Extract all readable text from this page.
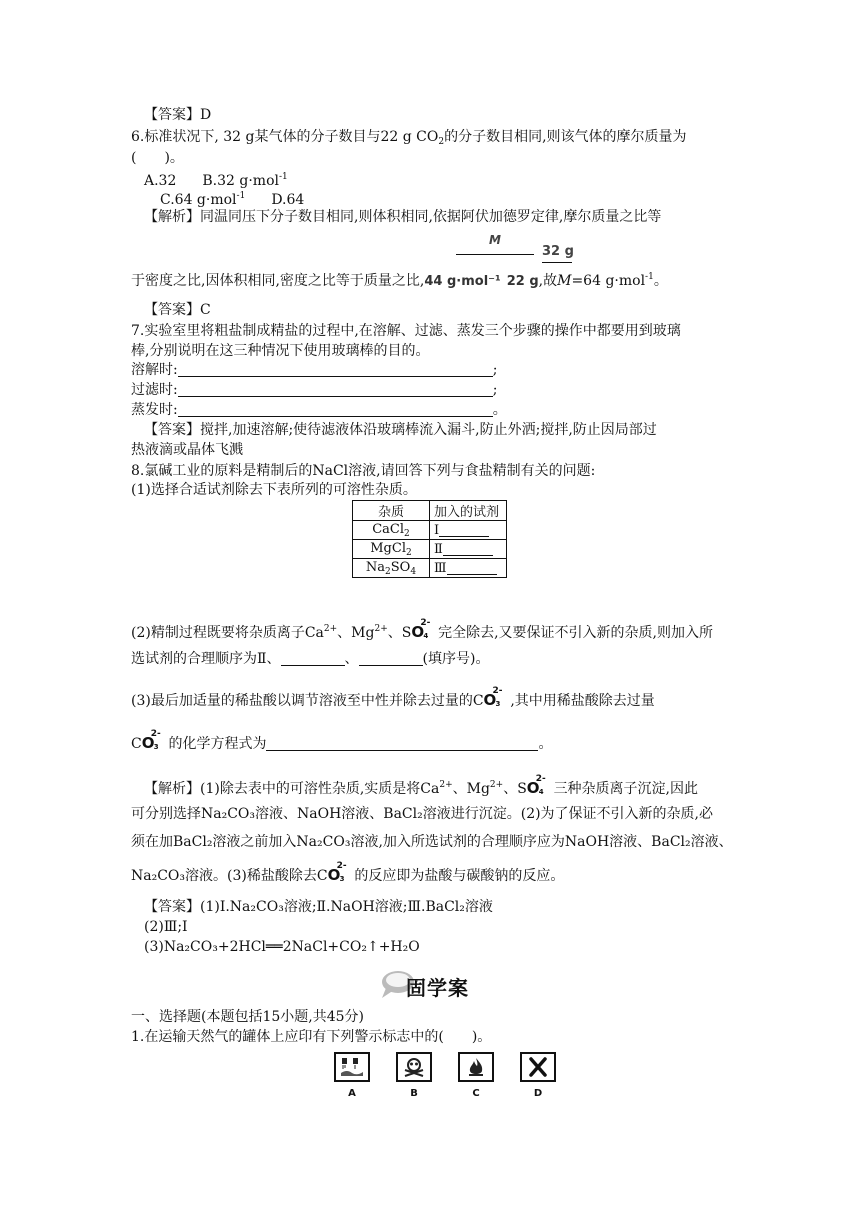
【答案】D
6.标准状况下, 32 g某气体的分子数目与22 g $CO_2$的分子数目相同,则该气体的摩尔质量为
(　　)。
A.32 B.32 g·mol$^{-1}$
C.64 g·mol$^{-1}$ D.64
【解析】同温同压下分子数目相同,则体积相同,依据阿伏加德罗定律,摩尔质量之比等
M
32 g
于密度之比,因体积相同,密度之比等于质量之比,44 g·mol⁻¹ 22 g,故M=64 g·mol$^{-1}$。
【答案】C
7.实验室里将粗盐制成精盐的过程中,在溶解、过滤、蒸发三个步骤的操作中都要用到玻璃
棒,分别说明在这三种情况下使用玻璃棒的目的。
溶解时:	;
过滤时:	;
蒸发时:	。
【答案】搅拌,加速溶解;使待滤液体沿玻璃棒流入漏斗,防止外洒;搅拌,防止因局部过
热液滴或晶体飞溅
8.氯碱工业的原料是精制后的NaCl溶液,请回答下列与食盐精制有关的问题:
(1)选择合适试剂除去下表所列的可溶性杂质。
杂质	加入的试剂
CaCl$_2$	Ⅰ
MgCl$_2$	Ⅱ
$Na_2SO_4$	Ⅲ
(2)精制过程既要将杂质离子$Ca^{2+}$、$Mg^{2+}$、SO
2-
4 完全除去,又要保证不引入新的杂质,则加入所
选试剂的合理顺序为Ⅱ、	、	(填序号)。
(3)最后加适量的稀盐酸以调节溶液至中性并除去过量的CO
2-
3 ,其中用稀盐酸除去过量
CO
2-
3 的化学方程式为	。
【解析】(1)除去表中的可溶性杂质,实质是将$Ca^{2+}$、$Mg^{2+}$、SO
2-
4 三种杂质离子沉淀,因此
可分别选择Na₂CO₃溶液、NaOH溶液、BaCl₂溶液进行沉淀。(2)为了保证不引入新的杂质,必
须在加BaCl₂溶液之前加入Na₂CO₃溶液,加入所选试剂的合理顺序应为NaOH溶液、BaCl₂溶液、
Na₂CO₃溶液。(3)稀盐酸除去CO
2-
3 的反应即为盐酸与碳酸钠的反应。
【答案】(1)Ⅰ.Na₂CO₃溶液;Ⅱ.NaOH溶液;Ⅲ.BaCl₂溶液
(2)Ⅲ;Ⅰ
(3)Na₂CO₃+2HCl══2NaCl+CO₂↑+H₂O
固学案
一、选择题(本题包括15小题,共45分)
1.在运输天然气的罐体上应印有下列警示标志中的(　　)。
A	B	C	D
